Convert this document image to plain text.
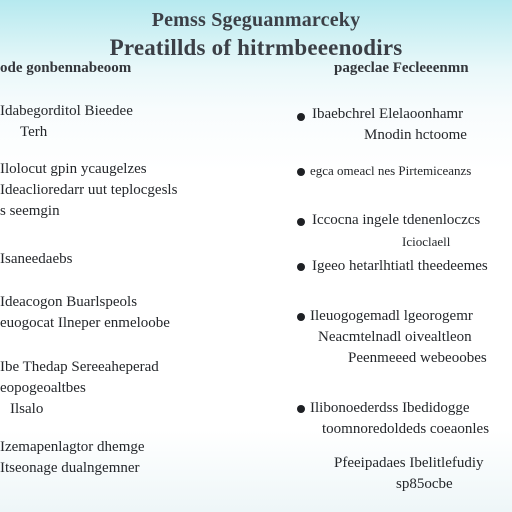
Pemss Sgeguanmarceky
Preatillds of hitrmbeeenodirs
ode gonbennabeoom	pageclae Fecleeenmn
Idabegorditol Bieedee
Terh
Ilolocut gpin ycaugelzes
Ideaclioredarr uut teplocgesls
s seemgin
Isaneedaebs
Ideacogon Buarlspeols
euogocat Ilneper enmeloobe
Ibe Thedap Sereeaheperad
eopogeoaltbes
Ilsalo
Izemapenlagtor dhemge
Itseonage dualngemner
Ibaebchrel Elelaoonhamr
Mnodin hctoome
egca omeacl nes Pirtemiceanzs
Iccocna ingele tdenenloczcs
Icioclaell
Igeeo hetarlhtiatl theedeemes
Ileuogogemadl lgeorogemr
Neacmtelnadl oivealtleon
Peenmeeed webeoobes
Ilibonoederdss Ibedidogge
toomnoredoldeds coeaonles
Pfeeipadaes Ibelitlefudiy
sp85ocbe
